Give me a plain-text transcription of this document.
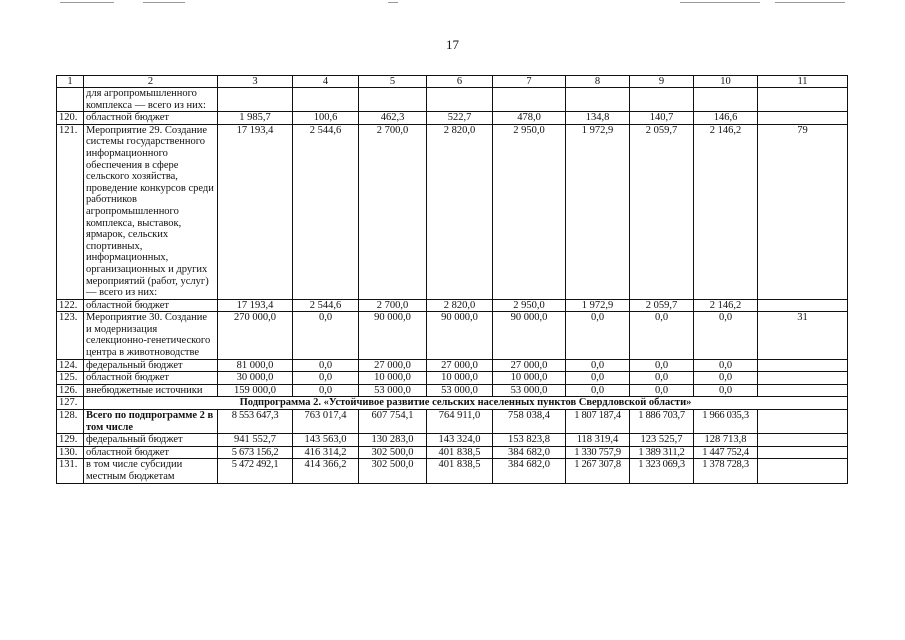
17
1	2	3	4	5	6	7	8	9	10	11
	для агропромышленного комплекса — всего из них:									
120.	областной бюджет	1 985,7	100,6	462,3	522,7	478,0	134,8	140,7	146,6	
121.	Мероприятие 29. Создание системы государственного информационного обеспечения в сфере сельского хозяйства, проведение конкурсов среди работников агропромышленного комплекса, выставок, ярмарок, сельских спортивных, информационных, организационных и других мероприятий (работ, услуг) — всего из них:	17 193,4	2 544,6	2 700,0	2 820,0	2 950,0	1 972,9	2 059,7	2 146,2	79
122.	областной бюджет	17 193,4	2 544,6	2 700,0	2 820,0	2 950,0	1 972,9	2 059,7	2 146,2	
123.	Мероприятие 30. Создание и модернизация селекционно-генетического центра в животноводстве	270 000,0	0,0	90 000,0	90 000,0	90 000,0	0,0	0,0	0,0	31
124.	федеральный бюджет	81 000,0	0,0	27 000,0	27 000,0	27 000,0	0,0	0,0	0,0	
125.	областной бюджет	30 000,0	0,0	10 000,0	10 000,0	10 000,0	0,0	0,0	0,0	
126.	внебюджетные источники	159 000,0	0,0	53 000,0	53 000,0	53 000,0	0,0	0,0	0,0	
127.	Подпрограмма 2. «Устойчивое развитие сельских населенных пунктов Свердловской области»									
128.	Всего по подпрограмме 2 в том числе	8 553 647,3	763 017,4	607 754,1	764 911,0	758 038,4	1 807 187,4	1 886 703,7	1 966 035,3	
129.	федеральный бюджет	941 552,7	143 563,0	130 283,0	143 324,0	153 823,8	118 319,4	123 525,7	128 713,8	
130.	областной бюджет	5 673 156,2	416 314,2	302 500,0	401 838,5	384 682,0	1 330 757,9	1 389 311,2	1 447 752,4	
131.	в том числе субсидии местным бюджетам	5 472 492,1	414 366,2	302 500,0	401 838,5	384 682,0	1 267 307,8	1 323 069,3	1 378 728,3	
